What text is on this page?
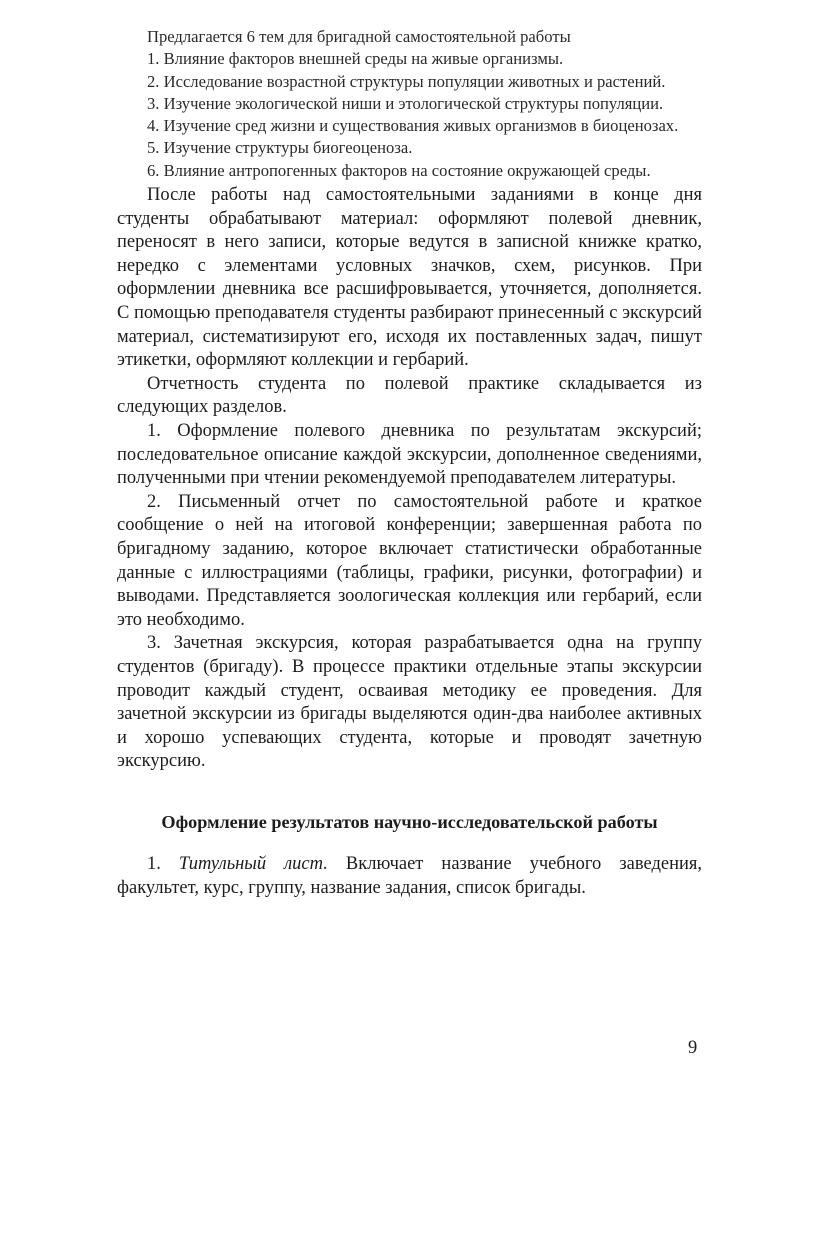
Предлагается 6 тем для бригадной самостоятельной работы

1. Влияние факторов внешней среды на живые организмы.

2. Исследование возрастной структуры популяции животных и растений.

3. Изучение экологической ниши и этологической структуры популяции.

4. Изучение сред жизни и существования живых организмов в биоценозах.

5. Изучение структуры биогеоценоза.

6. Влияние антропогенных факторов на состояние окружающей среды.

После работы над самостоятельными заданиями в конце дня студенты обрабатывают материал: оформляют полевой дневник, переносят в него записи, которые ведутся в записной книжке кратко, нередко с элементами условных значков, схем, рисунков. При оформлении дневника все расшифровывается, уточняется, дополняется. С помощью преподавателя студенты разбирают принесенный с экскурсий материал, систематизируют его, исходя их поставленных задач, пишут этикетки, оформляют коллекции и гербарий.

Отчетность студента по полевой практике складывается из следующих разделов.

1. Оформление полевого дневника по результатам экскурсий; последовательное описание каждой экскурсии, дополненное сведениями, полученными при чтении рекомендуемой преподавателем литературы.

2. Письменный отчет по самостоятельной работе и краткое сообщение о ней на итоговой конференции; завершенная работа по бригадному заданию, которое включает статистически обработанные данные с иллюстрациями (таблицы, графики, рисунки, фотографии) и выводами. Представляется зоологическая коллекция или гербарий, если это необходимо.

3. Зачетная экскурсия, которая разрабатывается одна на группу студентов (бригаду). В процессе практики отдельные этапы экскурсии проводит каждый студент, осваивая методику ее проведения. Для зачетной экскурсии из бригады выделяются один-два наиболее активных и хорошо успевающих студента, которые и проводят зачетную экскурсию.

Оформление результатов научно-исследовательской работы

1. Титульный лист. Включает название учебного заведения, факультет, курс, группу, название задания, список бригады.

9
